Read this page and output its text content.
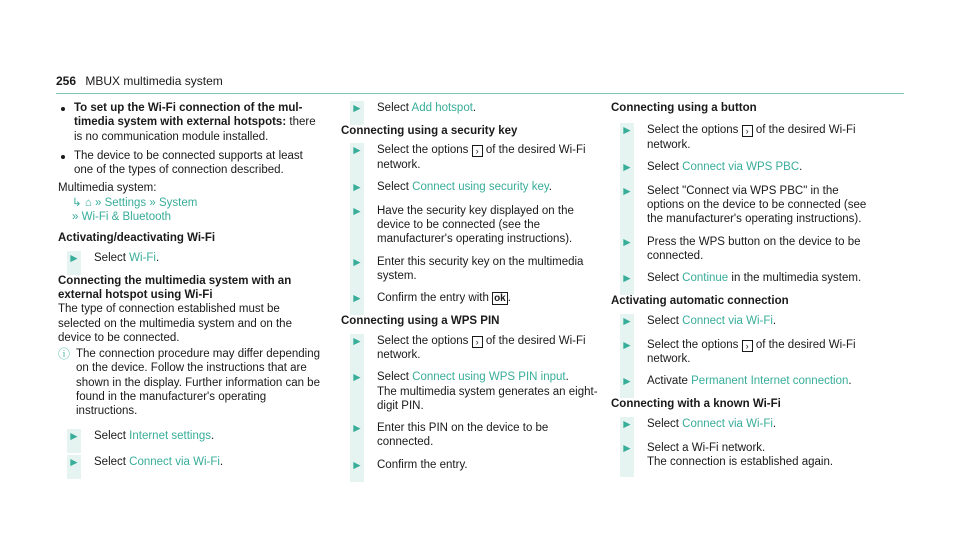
256 MBUX multimedia system
To set up the Wi-Fi connection of the multimedia system with external hotspots: there is no communication module installed.
The device to be connected supports at least one of the types of connection described.

Multimedia system:

↳ ⌂ » Settings » System
» Wi-Fi & Bluetooth

Activating/deactivating Wi-Fi

► Select Wi-Fi.

Connecting the multimedia system with an external hotspot using Wi-Fi

The type of connection established must be selected on the multimedia system and on the device to be connected.

ⓘ The connection procedure may differ depending on the device. Follow the instructions that are shown in the display. Further information can be found in the manufacturer's operating instructions.
► Select Internet settings.
► Select Connect via Wi-Fi.
► Select Add hotspot.

Connecting using a security key

► Select the options › of the desired Wi-Fi network.
► Select Connect using security key.
► Have the security key displayed on the device to be connected (see the manufacturer's operating instructions).
► Enter this security key on the multimedia system.
► Confirm the entry with ok .

Connecting using a WPS PIN

► Select the options › of the desired Wi-Fi network.
► Select Connect using WPS PIN input.
The multimedia system generates an eight-digit PIN.
► Enter this PIN on the device to be connected.
► Confirm the entry.

Connecting using a button

► Select the options › of the desired Wi-Fi network.
► Select Connect via WPS PBC.
► Select "Connect via WPS PBC" in the options on the device to be connected (see the manufacturer's operating instructions).
► Press the WPS button on the device to be connected.
► Select Continue in the multimedia system.

Activating automatic connection

► Select Connect via Wi-Fi.
► Select the options › of the desired Wi-Fi network.
► Activate Permanent Internet connection.

Connecting with a known Wi-Fi

► Select Connect via Wi-Fi.
► Select a Wi-Fi network.
The connection is established again.
